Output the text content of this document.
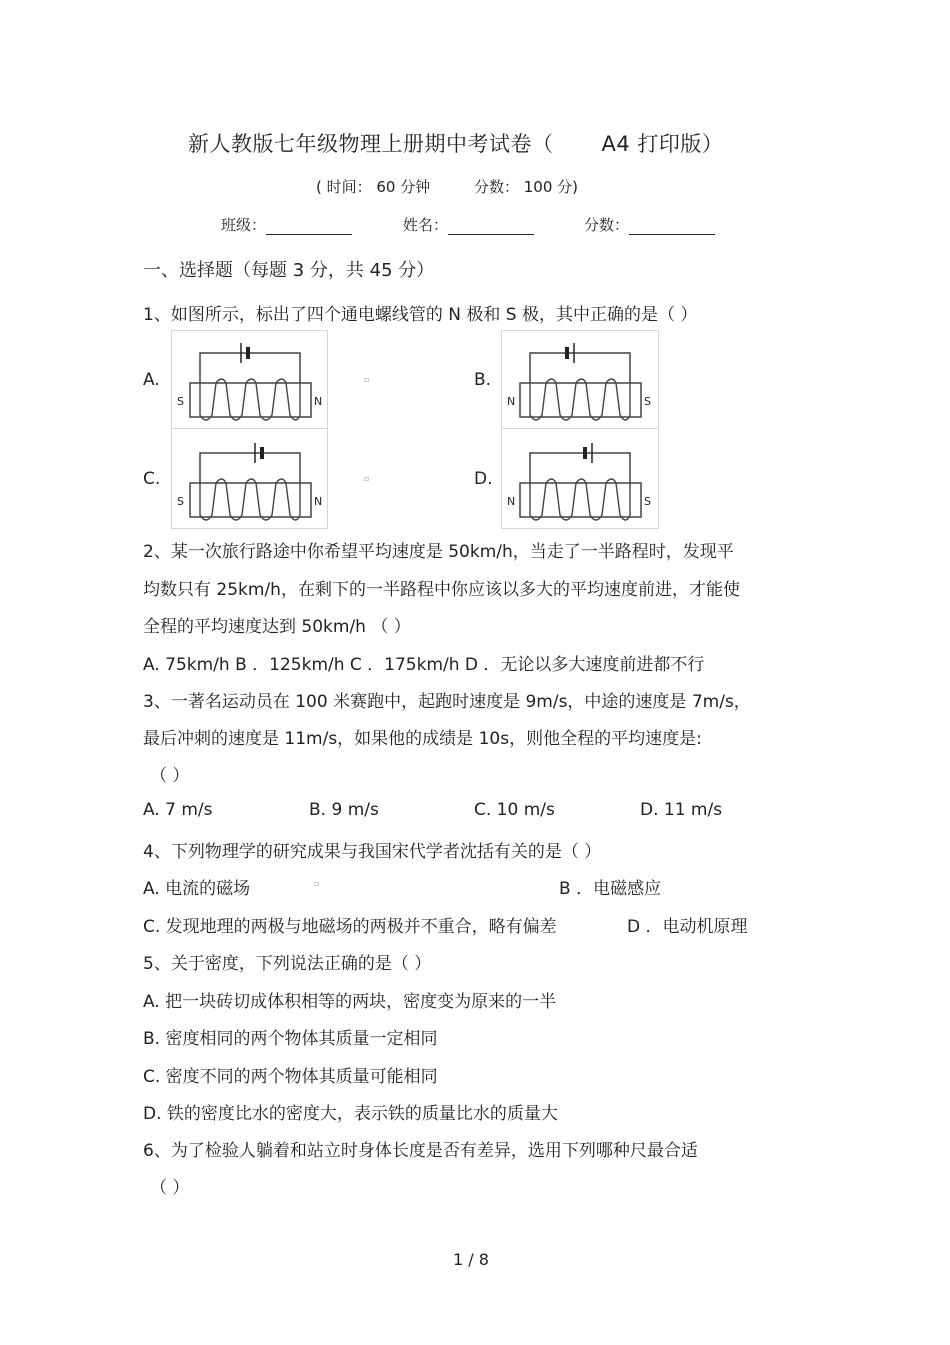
新人教版七年级物理上册期中考试卷（ A4 打印版）
( 时间： 60 分钟	分数： 100 分)
班级：	姓名：	分数：
一、选择题（每题 3 分，共 45 分）
1、如图所示，标出了四个通电螺线管的 N 极和 S 极，其中正确的是（ ）
A.	B.
C.	D.
S	N
▫
N	S
S	N
▫
N	S
2、某一次旅行路途中你希望平均速度是 50km/h，当走了一半路程时，发现平
均数只有 25km/h，在剩下的一半路程中你应该以多大的平均速度前进，才能使
全程的平均速度达到 50km/h （ ）
A. 75km/h B ．125km/h C ．175km/h D ．无论以多大速度前进都不行
3、一著名运动员在 100 米赛跑中，起跑时速度是 9m/s，中途的速度是 7m/s，
最后冲刺的速度是 11m/s，如果他的成绩是 10s，则他全程的平均速度是:
（ ）
A. 7 m/s	B. 9 m/s	C. 10 m/s	D. 11 m/s
4、下列物理学的研究成果与我国宋代学者沈括有关的是（ ）
A. 电流的磁场	▫	B ．电磁感应
C. 发现地理的两极与地磁场的两极并不重合，略有偏差	D ．电动机原理
5、关于密度，下列说法正确的是（ ）
A. 把一块砖切成体积相等的两块，密度变为原来的一半
B. 密度相同的两个物体其质量一定相同
C. 密度不同的两个物体其质量可能相同
D. 铁的密度比水的密度大，表示铁的质量比水的质量大
6、为了检验人躺着和站立时身体长度是否有差异，选用下列哪种尺最合适
（ ）
1 / 8
